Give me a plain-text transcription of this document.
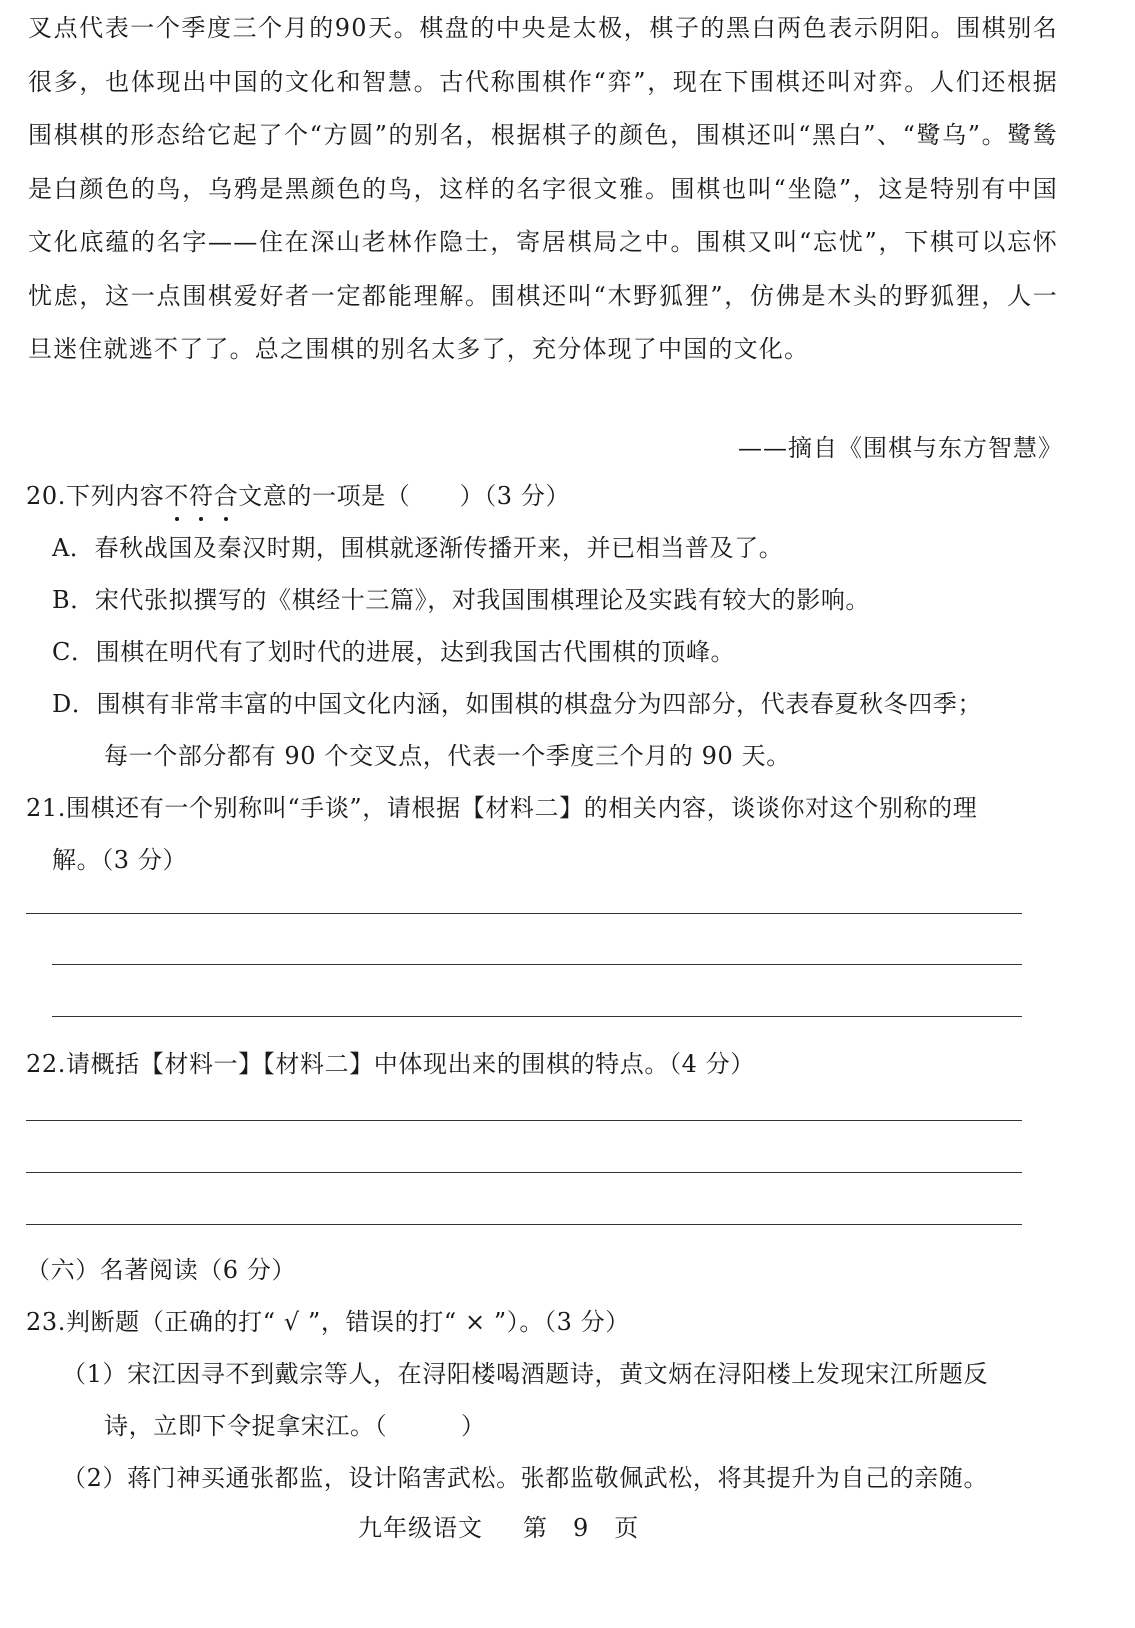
叉点代表一个季度三个月的90天。棋盘的中央是太极，棋子的黑白两色表示阴阳。围棋别名很多，也体现出中国的文化和智慧。古代称围棋作“弈”，现在下围棋还叫对弈。人们还根据围棋棋的形态给它起了个“方圆”的别名，根据棋子的颜色，围棋还叫“黑白”、“鹭乌”。鹭鸶是白颜色的鸟，乌鸦是黑颜色的鸟，这样的名字很文雅。围棋也叫“坐隐”，这是特别有中国文化底蕴的名字——住在深山老林作隐士，寄居棋局之中。围棋又叫“忘忧”，下棋可以忘怀忧虑，这一点围棋爱好者一定都能理解。围棋还叫“木野狐狸”，仿佛是木头的野狐狸，人一旦迷住就逃不了了。总之围棋的别名太多了，充分体现了中国的文化。
——摘自《围棋与东方智慧》
20.下列内容不符合文意的一项是（　　）（3 分）
A．春秋战国及秦汉时期，围棋就逐渐传播开来，并已相当普及了。
B．宋代张拟撰写的《棋经十三篇》，对我国围棋理论及实践有较大的影响。
C．围棋在明代有了划时代的进展，达到我国古代围棋的顶峰。
D．围棋有非常丰富的中国文化内涵，如围棋的棋盘分为四部分，代表春夏秋冬四季；
每一个部分都有 90 个交叉点，代表一个季度三个月的 90 天。
21.围棋还有一个别称叫“手谈”，请根据【材料二】的相关内容，谈谈你对这个别称的理
解。（3 分）
22.请概括【材料一】【材料二】中体现出来的围棋的特点。（4 分）
（六）名著阅读（6 分）
23.判断题（正确的打“ √ ”，错误的打“ × ”）。（3 分）
（1）宋江因寻不到戴宗等人，在浔阳楼喝酒题诗，黄文炳在浔阳楼上发现宋江所题反
诗，立即下令捉拿宋江。（　　　）
（2）蒋门神买通张都监，设计陷害武松。张都监敬佩武松，将其提升为自己的亲随。
九年级语文 第　9　页
